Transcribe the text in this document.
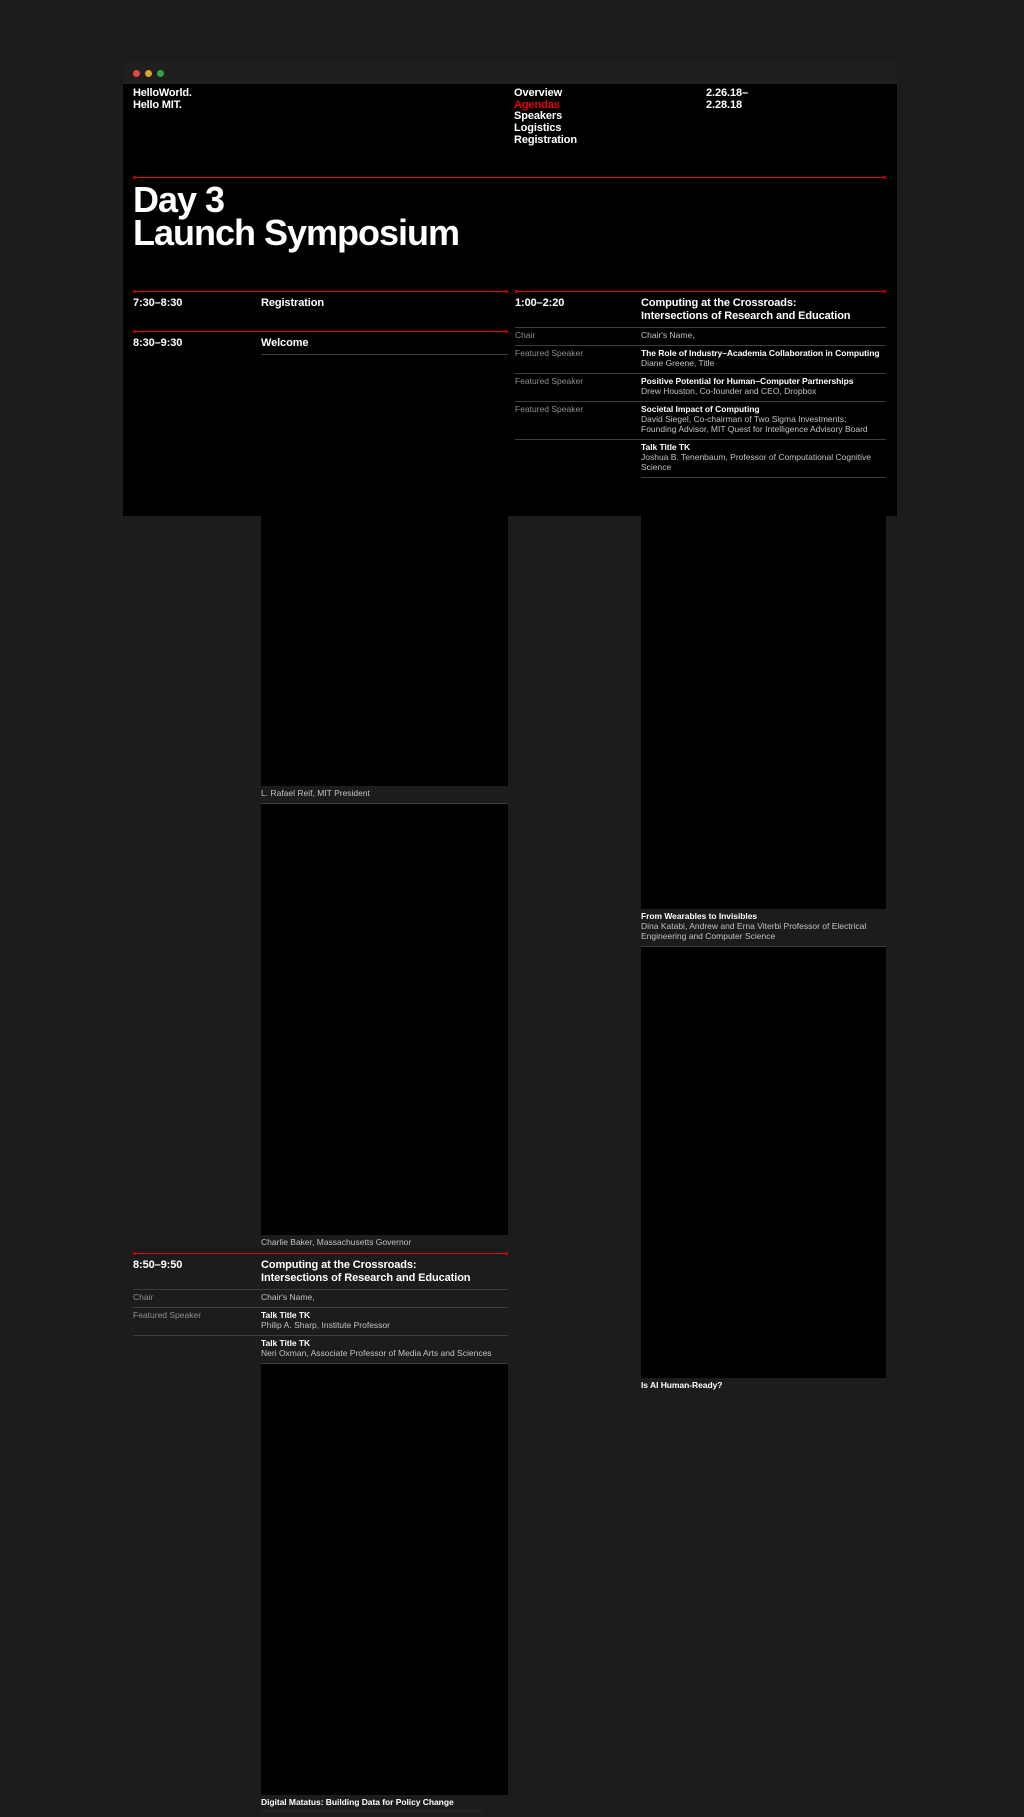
HelloWorld.
Hello MIT.
Overview
Agendas
Speakers
Logistics
Registration
2.26.18–
2.28.18
Day 3
Launch Symposium
7:30–8:30	Registration
8:30–9:30	Welcome
L. Rafael Reif, MIT President
Charlie Baker, Massachusetts Governor
8:50–9:50	Computing at the Crossroads:
Intersections of Research and Education
Chair	Chair's Name,
Featured Speaker	Talk Title TK
Philip A. Sharp, Institute Professor
Talk Title TK
Neri Oxman, Associate Professor of Media Arts and Sciences
Digital Matatus: Building Data for Policy Change
1:00–2:20	Computing at the Crossroads:
Intersections of Research and Education
Chair	Chair's Name,
Featured Speaker	The Role of Industry–Academia Collaboration in Computing
Diane Greene, Title
Featured Speaker	Positive Potential for Human–Computer Partnerships
Drew Houston, Co-founder and CEO, Dropbox
Featured Speaker	Societal Impact of Computing
David Siegel, Co-chairman of Two Sigma Investments;
Founding Advisor, MIT Quest for Intelligence Advisory Board
Talk Title TK
Joshua B. Tenenbaum, Professor of Computational Cognitive Science
From Wearables to Invisibles
Dina Katabi, Andrew and Erna Viterbi Professor of Electrical
Engineering and Computer Science
Is AI Human-Ready?
